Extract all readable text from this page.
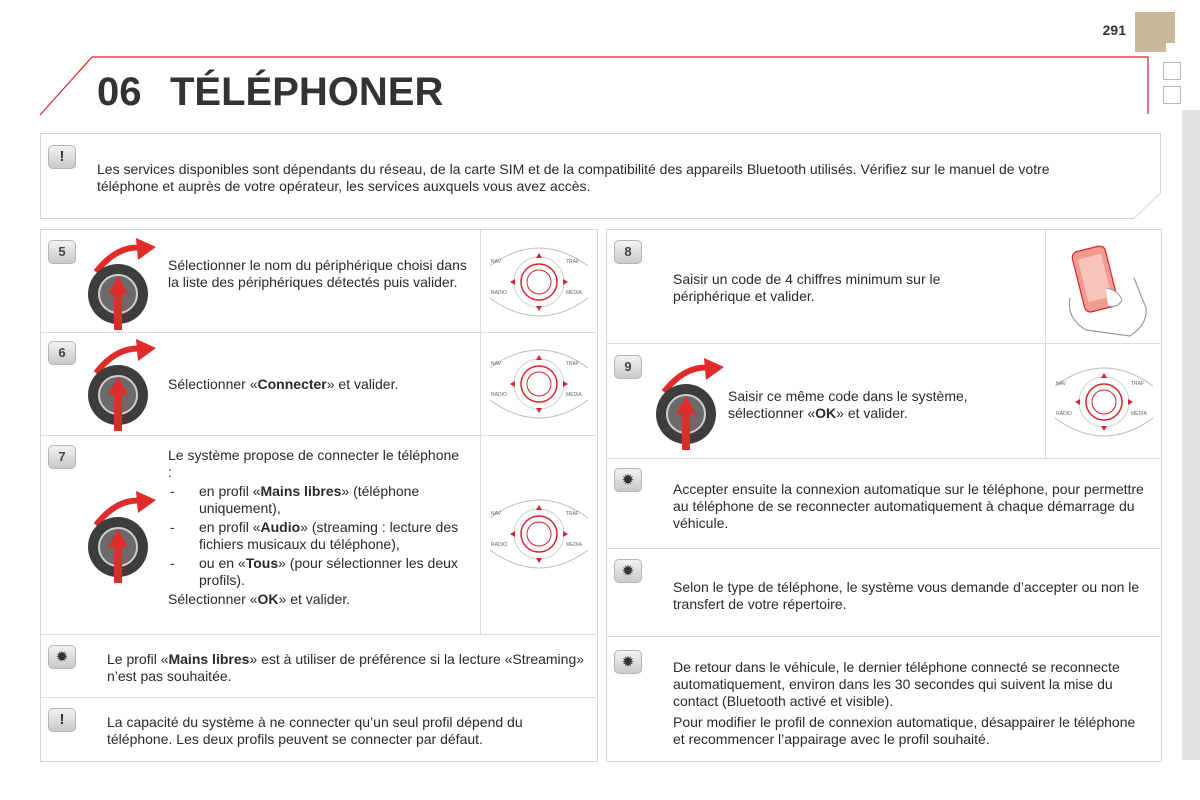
291
06 TÉLÉPHONER
!
Les services disponibles sont dépendants du réseau, de la carte SIM et de la compatibilité des appareils Bluetooth utilisés. Vérifiez sur le manuel de votre téléphone et auprès de votre opérateur, les services auxquels vous avez accès.
5
Sélectionner le nom du périphérique choisi dans la liste des périphériques détectés puis valider.
NAV	TRAF
RADIO	MEDIA
6
Sélectionner «Connecter» et valider.
NAV	TRAF
RADIO	MEDIA
7	Le système propose de connecter le téléphone :
- en profil «Mains libres» (téléphone uniquement),
- en profil «Audio» (streaming : lecture des fichiers musicaux du téléphone),
- ou en «Tous» (pour sélectionner les deux profils).
Sélectionner «OK» et valider.
NAV	TRAF
RADIO	MEDIA
✹	Le profil «Mains libres» est à utiliser de préférence si la lecture «Streaming» n’est pas souhaitée.
!	La capacité du système à ne connecter qu’un seul profil dépend du téléphone. Les deux profils peuvent se connecter par défaut.
8
Saisir un code de 4 chiffres minimum sur le périphérique et valider.
9
Saisir ce même code dans le système, sélectionner «OK» et valider.
NAV	TRAF
RADIO	MEDIA
✹
Accepter ensuite la connexion automatique sur le téléphone, pour permettre au téléphone de se reconnecter automatiquement à chaque démarrage du véhicule.
✹
Selon le type de téléphone, le système vous demande d’accepter ou non le transfert de votre répertoire.
✹	De retour dans le véhicule, le dernier téléphone connecté se reconnecte automatiquement, environ dans les 30 secondes qui suivent la mise du contact (Bluetooth activé et visible).
Pour modifier le profil de connexion automatique, désappairer le téléphone et recommencer l’appairage avec le profil souhaité.
